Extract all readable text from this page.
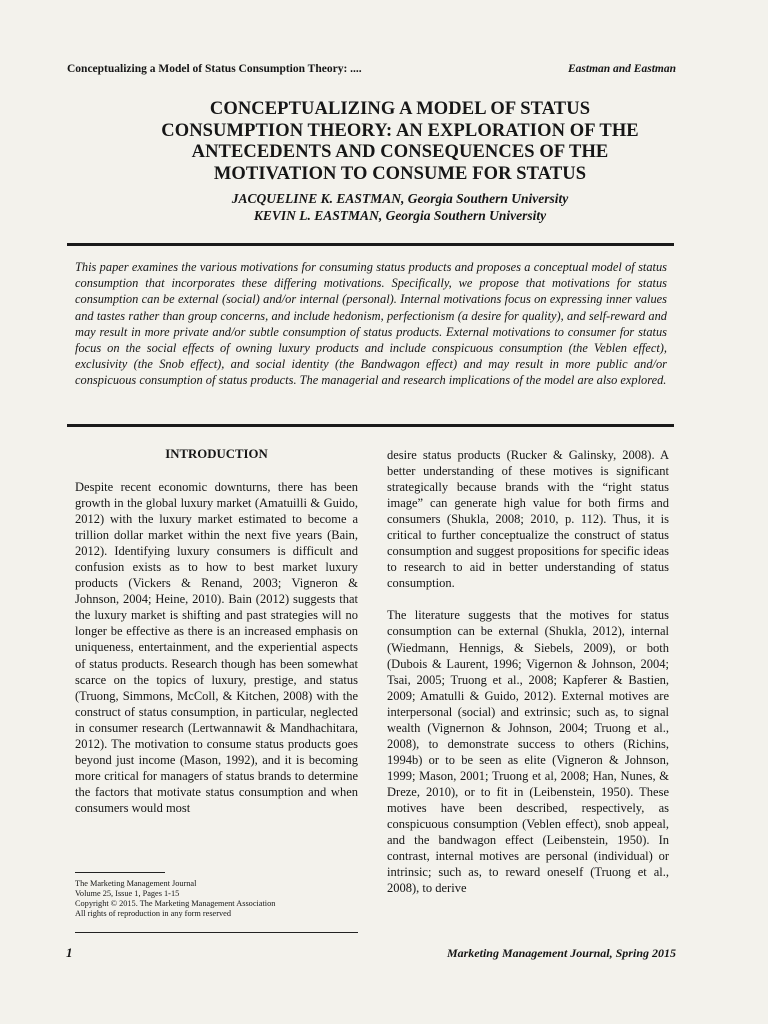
Conceptualizing a Model of Status Consumption Theory: ....	Eastman and Eastman
CONCEPTUALIZING A MODEL OF STATUS
CONSUMPTION THEORY: AN EXPLORATION OF THE
ANTECEDENTS AND CONSEQUENCES OF THE
MOTIVATION TO CONSUME FOR STATUS
JACQUELINE K. EASTMAN, Georgia Southern University
KEVIN L. EASTMAN, Georgia Southern University
This paper examines the various motivations for consuming status products and proposes a conceptual model of status consumption that incorporates these differing motivations. Specifically, we propose that motivations for status consumption can be external (social) and/or internal (personal). Internal motivations focus on expressing inner values and tastes rather than group concerns, and include hedonism, perfectionism (a desire for quality), and self-reward and may result in more private and/or subtle consumption of status products. External motivations to consumer for status focus on the social effects of owning luxury products and include conspicuous consumption (the Veblen effect), exclusivity (the Snob effect), and social identity (the Bandwagon effect) and may result in more public and/or conspicuous consumption of status products. The managerial and research implications of the model are also explored.
INTRODUCTION

Despite recent economic downturns, there has been growth in the global luxury market (Amatuilli & Guido, 2012) with the luxury market estimated to become a trillion dollar market within the next five years (Bain, 2012). Identifying luxury consumers is difficult and confusion exists as to how to best market luxury products (Vickers & Renand, 2003; Vigneron & Johnson, 2004; Heine, 2010). Bain (2012) suggests that the luxury market is shifting and past strategies will no longer be effective as there is an increased emphasis on uniqueness, entertainment, and the experiential aspects of status products. Research though has been somewhat scarce on the topics of luxury, prestige, and status (Truong, Simmons, McColl, & Kitchen, 2008) with the construct of status consumption, in particular, neglected in consumer research (Lertwannawit & Mandhachitara, 2012). The motivation to consume status products goes beyond just income (Mason, 1992), and it is becoming more critical for managers of status brands to determine the factors that motivate status consumption and when consumers would most

desire status products (Rucker & Galinsky, 2008). A better understanding of these motives is significant strategically because brands with the “right status image” can generate high value for both firms and consumers (Shukla, 2008; 2010, p. 112). Thus, it is critical to further conceptualize the construct of status consumption and suggest propositions for specific ideas to research to aid in better understanding of status consumption.

The literature suggests that the motives for status consumption can be external (Shukla, 2012), internal (Wiedmann, Hennigs, & Siebels, 2009), or both (Dubois & Laurent, 1996; Vigernon & Johnson, 2004; Tsai, 2005; Truong et al., 2008; Kapferer & Bastien, 2009; Amatulli & Guido, 2012). External motives are interpersonal (social) and extrinsic; such as, to signal wealth (Vignernon & Johnson, 2004; Truong et al., 2008), to demonstrate success to others (Richins, 1994b) or to be seen as elite (Vigneron & Johnson, 1999; Mason, 2001; Truong et al, 2008; Han, Nunes, & Dreze, 2010), or to fit in (Leibenstein, 1950). These motives have been described, respectively, as conspicuous consumption (Veblen effect), snob appeal, and the bandwagon effect (Leibenstein, 1950). In contrast, internal motives are personal (individual) or intrinsic; such as, to reward oneself (Truong et al., 2008), to derive

The Marketing Management Journal
Volume 25, Issue 1, Pages 1-15
Copyright © 2015. The Marketing Management Association
All rights of reproduction in any form reserved
1	Marketing Management Journal, Spring 2015
